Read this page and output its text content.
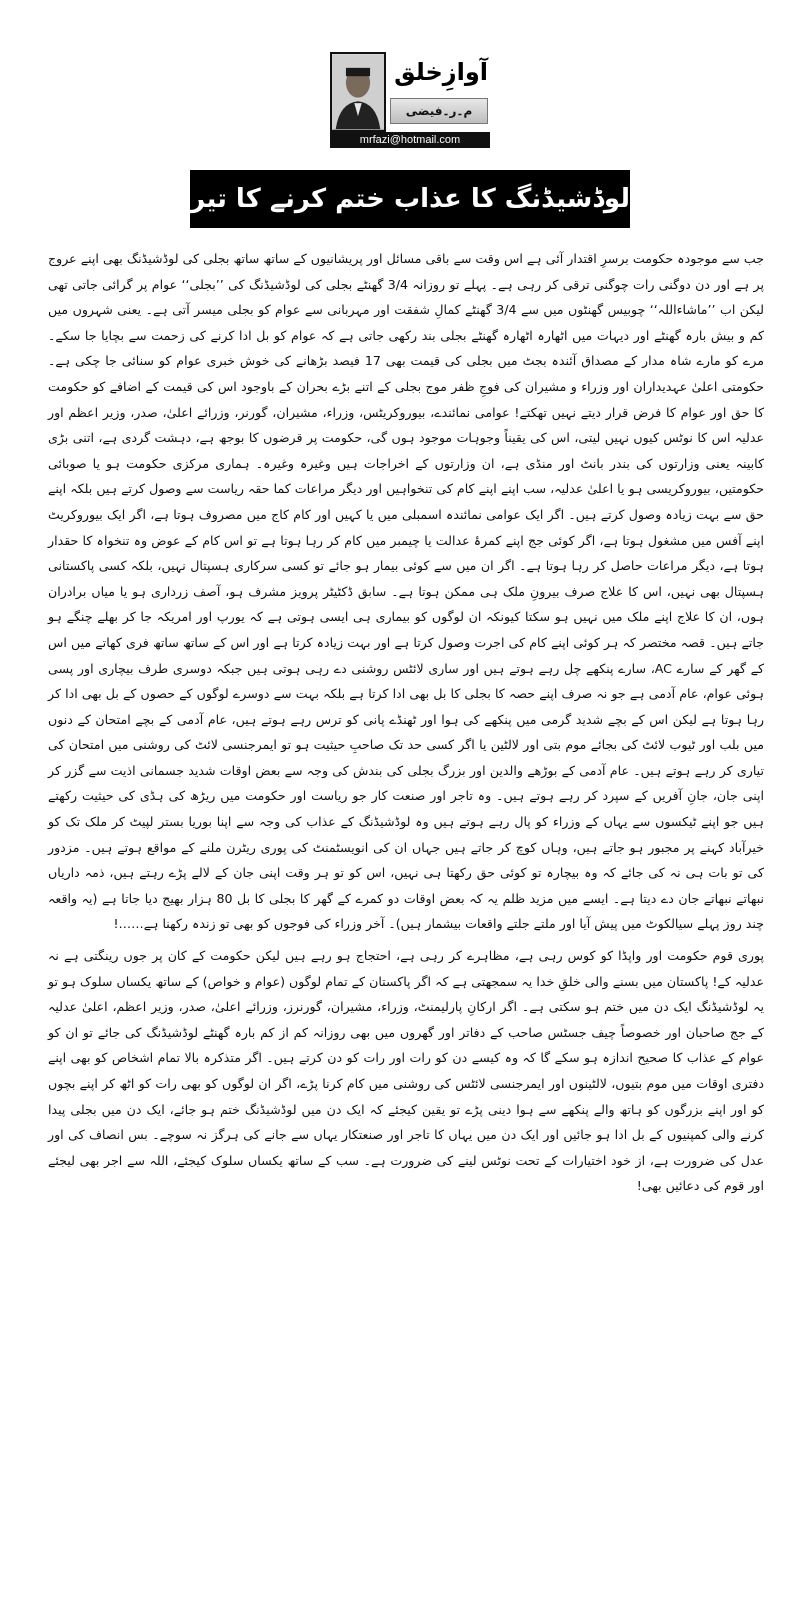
آوازِخلق
م۔ر۔فیضی
mrfazi@hotmail.com
لوڈشیڈنگ کا عذاب ختم کرنے کا تیر بہدف نسخہ!

جب سے موجودہ حکومت برسرِ اقتدار آئی ہے اس وقت سے باقی مسائل اور پریشانیوں کے ساتھ ساتھ بجلی کی لوڈشیڈنگ بھی اپنے عروج پر ہے اور دن دوگنی رات چوگنی ترقی کر رہی ہے۔ پہلے تو روزانہ 3/4 گھنٹے بجلی کی لوڈشیڈنگ کی ’’بجلی‘‘ عوام پر گرائی جاتی تھی لیکن اب ’’ماشاءاللہ‘‘ چوبیس گھنٹوں میں سے 3/4 گھنٹے کمالِ شفقت اور مہربانی سے عوام کو بجلی میسر آتی ہے۔ یعنی شہروں میں کم و بیش بارہ گھنٹے اور دیہات میں اٹھارہ اٹھارہ گھنٹے بجلی بند رکھی جاتی ہے کہ عوام کو بل ادا کرنے کی زحمت سے بچایا جا سکے۔ مرے کو مارے شاہ مدار کے مصداق آئندہ بجٹ میں بجلی کی قیمت بھی 17 فیصد بڑھانے کی خوش خبری عوام کو سنائی جا چکی ہے۔ حکومتی اعلیٰ عہدیداران اور وزراء و مشیران کی فوجِ ظفر موج بجلی کے اتنے بڑے بحران کے باوجود اس کی قیمت کے اضافے کو حکومت کا حق اور عوام کا فرض قرار دیتے نہیں تھکتے! عوامی نمائندے، بیوروکریٹس، وزراء، مشیران، گورنر، وزرائے اعلیٰ، صدر، وزیر اعظم اور عدلیہ اس کا نوٹس کیوں نہیں لیتی، اس کی یقیناً وجوہات موجود ہوں گی، حکومت پر قرضوں کا بوجھ ہے، دہشت گردی ہے، اتنی بڑی کابینہ یعنی وزارتوں کی بندر بانٹ اور منڈی ہے، ان وزارتوں کے اخراجات ہیں وغیرہ وغیرہ۔ ہماری مرکزی حکومت ہو یا صوبائی حکومتیں، بیوروکریسی ہو یا اعلیٰ عدلیہ، سب اپنے اپنے کام کی تنخواہیں اور دیگر مراعات کما حقہ ریاست سے وصول کرتے ہیں بلکہ اپنے حق سے بہت زیادہ وصول کرتے ہیں۔ اگر ایک عوامی نمائندہ اسمبلی میں یا کہیں اور کام کاج میں مصروف ہوتا ہے، اگر ایک بیوروکریٹ اپنے آفس میں مشغول ہوتا ہے، اگر کوئی جج اپنے کمرۂ عدالت یا چیمبر میں کام کر رہا ہوتا ہے تو اس کام کے عوض وہ تنخواہ کا حقدار ہوتا ہے، دیگر مراعات حاصل کر رہا ہوتا ہے۔ اگر ان میں سے کوئی بیمار ہو جائے تو کسی سرکاری ہسپتال نہیں، بلکہ کسی پاکستانی ہسپتال بھی نہیں، اس کا علاج صرف بیرونِ ملک ہی ممکن ہوتا ہے۔ سابق ڈکٹیٹر پرویز مشرف ہو، آصف زرداری ہو یا میاں برادران ہوں، ان کا علاج اپنے ملک میں نہیں ہو سکتا کیونکہ ان لوگوں کو بیماری ہی ایسی ہوتی ہے کہ یورپ اور امریکہ جا کر بھلے چنگے ہو جاتے ہیں۔ قصہ مختصر کہ ہر کوئی اپنے کام کی اجرت وصول کرتا ہے اور بہت زیادہ کرتا ہے اور اس کے ساتھ ساتھ فری کھاتے میں اس کے گھر کے سارے AC، سارے پنکھے چل رہے ہوتے ہیں اور ساری لائٹس روشنی دے رہی ہوتی ہیں جبکہ دوسری طرف بیچاری اور پسی ہوئی عوام، عام آدمی ہے جو نہ صرف اپنے حصہ کا بجلی کا بل بھی ادا کرتا ہے بلکہ بہت سے دوسرے لوگوں کے حصوں کے بل بھی ادا کر رہا ہوتا ہے لیکن اس کے بچے شدید گرمی میں پنکھے کی ہوا اور ٹھنڈے پانی کو ترس رہے ہوتے ہیں، عام آدمی کے بچے امتحان کے دنوں میں بلب اور ٹیوب لائٹ کی بجائے موم بتی اور لالٹین یا اگر کسی حد تک صاحبِ حیثیت ہو تو ایمرجنسی لائٹ کی روشنی میں امتحان کی تیاری کر رہے ہوتے ہیں۔ عام آدمی کے بوڑھے والدین اور بزرگ بجلی کی بندش کی وجہ سے بعض اوقات شدید جسمانی اذیت سے گزر کر اپنی جان، جانِ آفریں کے سپرد کر رہے ہوتے ہیں۔ وہ تاجر اور صنعت کار جو ریاست اور حکومت میں ریڑھ کی ہڈی کی حیثیت رکھتے ہیں جو اپنے ٹیکسوں سے یہاں کے وزراء کو پال رہے ہوتے ہیں وہ لوڈشیڈنگ کے عذاب کی وجہ سے اپنا بوریا بستر لپیٹ کر ملک تک کو خیرآباد کہنے پر مجبور ہو جاتے ہیں، وہاں کوچ کر جاتے ہیں جہاں ان کی انویسٹمنٹ کی پوری ریٹرن ملنے کے مواقع ہوتے ہیں۔ مزدور کی تو بات ہی نہ کی جائے کہ وہ بیچارہ تو کوئی حق رکھتا ہی نہیں، اس کو تو ہر وقت اپنی جان کے لالے پڑے رہتے ہیں، ذمہ داریاں نبھاتے نبھاتے جان دے دیتا ہے۔ ایسے میں مزید ظلم یہ کہ بعض اوقات دو کمرے کے گھر کا بجلی کا بل 80 ہزار بھیج دیا جاتا ہے (یہ واقعہ چند روز پہلے سیالکوٹ میں پیش آیا اور ملتے جلتے واقعات بیشمار ہیں)۔ آخر وزراء کی فوجوں کو بھی تو زندہ رکھنا ہے……!

پوری قوم حکومت اور واپڈا کو کوس رہی ہے، مظاہرے کر رہی ہے، احتجاج ہو رہے ہیں لیکن حکومت کے کان پر جوں رینگتی ہے نہ عدلیہ کے! پاکستان میں بسنے والی خلقِ خدا یہ سمجھتی ہے کہ اگر پاکستان کے تمام لوگوں (عوام و خواص) کے ساتھ یکساں سلوک ہو تو یہ لوڈشیڈنگ ایک دن میں ختم ہو سکتی ہے۔ اگر ارکانِ پارلیمنٹ، وزراء، مشیران، گورنرز، وزرائے اعلیٰ، صدر، وزیر اعظم، اعلیٰ عدلیہ کے جج صاحبان اور خصوصاً چیف جسٹس صاحب کے دفاتر اور گھروں میں بھی روزانہ کم از کم بارہ گھنٹے لوڈشیڈنگ کی جائے تو ان کو عوام کے عذاب کا صحیح اندازہ ہو سکے گا کہ وہ کیسے دن کو رات اور رات کو دن کرتے ہیں۔ اگر متذکرہ بالا تمام اشخاص کو بھی اپنے دفتری اوقات میں موم بتیوں، لالٹینوں اور ایمرجنسی لائٹس کی روشنی میں کام کرنا پڑے، اگر ان لوگوں کو بھی رات کو اٹھ کر اپنے بچوں کو اور اپنے بزرگوں کو ہاتھ والے پنکھے سے ہوا دینی پڑے تو یقین کیجئے کہ ایک دن میں لوڈشیڈنگ ختم ہو جائے، ایک دن میں بجلی پیدا کرنے والی کمپنیوں کے بل ادا ہو جائیں اور ایک دن میں یہاں کا تاجر اور صنعتکار یہاں سے جانے کی ہرگز نہ سوچے۔ بس انصاف کی اور عدل کی ضرورت ہے، از خود اختیارات کے تحت نوٹس لینے کی ضرورت ہے۔ سب کے ساتھ یکساں سلوک کیجئے، اللہ سے اجر بھی لیجئے اور قوم کی دعائیں بھی!
